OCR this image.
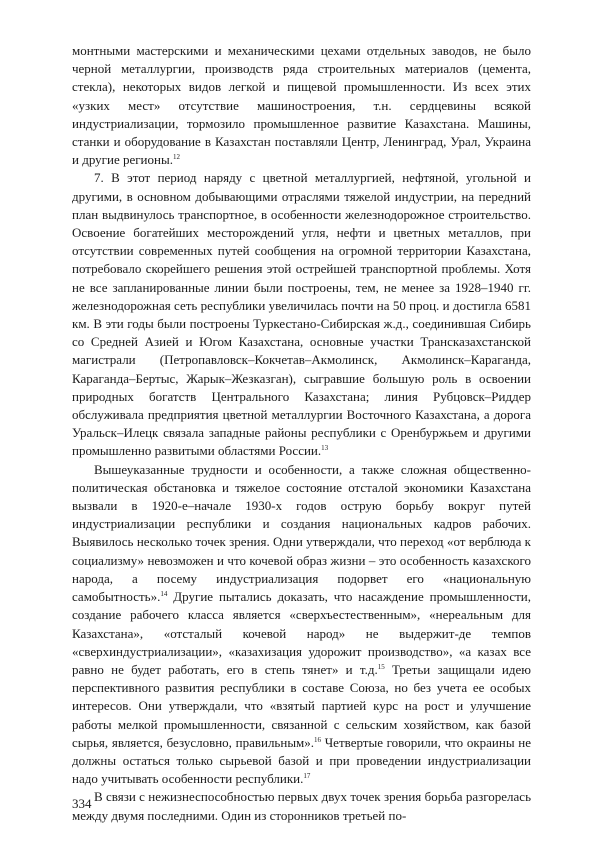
монтными мастерскими и механическими цехами отдельных заводов, не было черной металлургии, производств ряда строительных материалов (цемента, стекла), некоторых видов легкой и пищевой промышленности. Из всех этих «узких мест» отсутствие машиностроения, т.н. сердцевины всякой индустриализации, тормозило промышленное развитие Казахстана. Машины, станки и оборудование в Казахстан поставляли Центр, Ленинград, Урал, Украина и другие регионы.$^{12}$

7. В этот период наряду с цветной металлургией, нефтяной, угольной и другими, в основном добывающими отраслями тяжелой индустрии, на передний план выдвинулось транспортное, в особенности железнодорожное строительство. Освоение богатейших месторождений угля, нефти и цветных металлов, при отсутствии современных путей сообщения на огромной территории Казахстана, потребовало скорейшего решения этой острейшей транспортной проблемы. Хотя не все запланированные линии были построены, тем, не менее за 1928–1940 гг. железнодорожная сеть республики увеличилась почти на 50 проц. и достигла 6581 км. В эти годы были построены Туркестано-Сибирская ж.д., соединившая Сибирь со Средней Азией и Югом Казахстана, основные участки Трансказахстанской магистрали (Петропавловск–Кокчетав–Акмолинск, Акмолинск–Караганда, Караганда–Бертыс, Жарык–Жезказган), сыгравшие большую роль в освоении природных богатств Центрального Казахстана; линия Рубцовск–Риддер обслуживала предприятия цветной металлургии Восточного Казахстана, а дорога Уральск–Илецк связала западные районы республики с Оренбуржьем и другими промышленно развитыми областями России.$^{13}$

Вышеуказанные трудности и особенности, а также сложная общественно-политическая обстановка и тяжелое состояние отсталой экономики Казахстана вызвали в 1920-е–начале 1930-х годов острую борьбу вокруг путей индустриализации республики и создания национальных кадров рабочих. Выявилось несколько точек зрения. Одни утверждали, что переход «от верблюда к социализму» невозможен и что кочевой образ жизни – это особенность казахского народа, а посему индустриализация подорвет его «национальную самобытность».$^{14}$ Другие пытались доказать, что насаждение промышленности, создание рабочего класса является «сверхъестественным», «нереальным для Казахстана», «отсталый кочевой народ» не выдержит-де темпов «сверхиндустриализации», «казахизация удорожит производство», «а казах все равно не будет работать, его в степь тянет» и т.д.$^{15}$ Третьи защищали идею перспективного развития республики в составе Союза, но без учета ее особых интересов. Они утверждали, что «взятый партией курс на рост и улучшение работы мелкой промышленности, связанной с сельским хозяйством, как базой сырья, является, безусловно, правильным».$^{16}$ Четвертые говорили, что окраины не должны остаться только сырьевой базой и при проведении индустриализации надо учитывать особенности республики.$^{17}$

В связи с нежизнеспособностью первых двух точек зрения борьба разгорелась между двумя последними. Один из сторонников третьей по-

334
